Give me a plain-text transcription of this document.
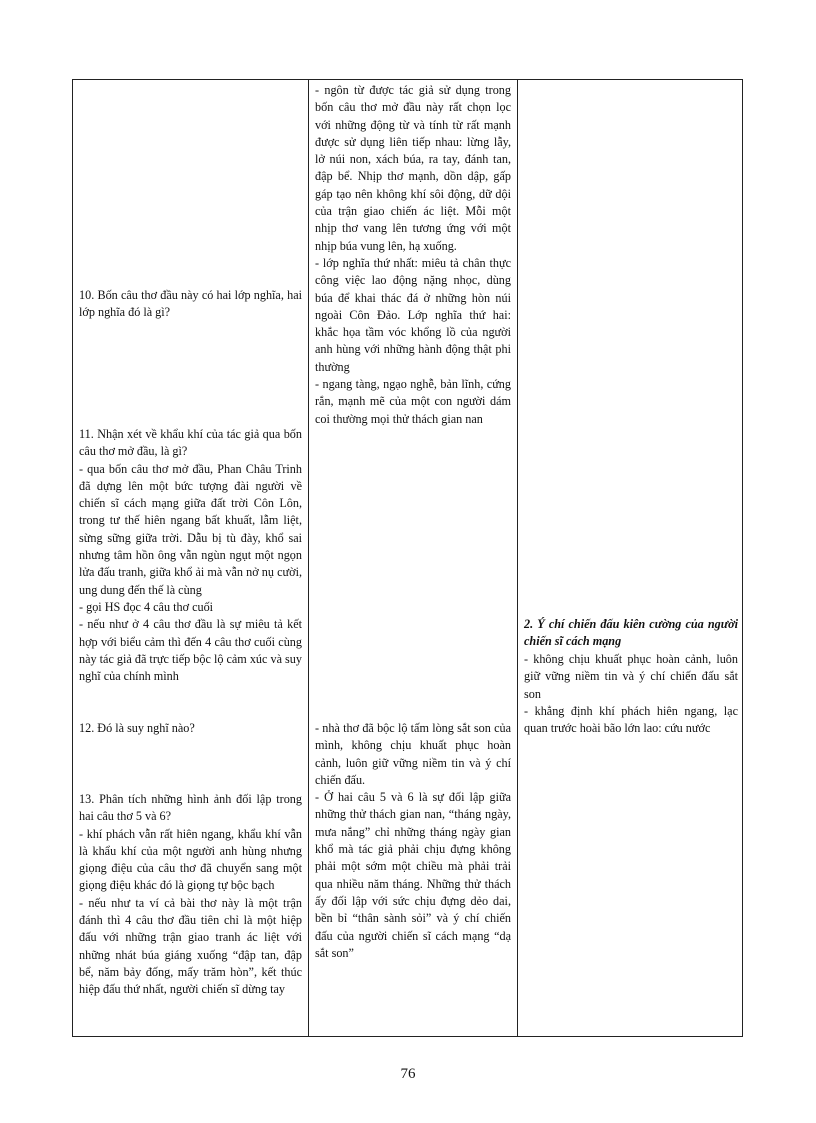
10. Bốn câu thơ đầu này có hai lớp nghĩa, hai lớp nghĩa đó là gì?
11. Nhận xét về khẩu khí của tác giả qua bốn câu thơ mở đầu, là gì?
- qua bốn câu thơ mở đầu, Phan Châu Trinh đã dựng lên một bức tượng đài người về chiến sĩ cách mạng giữa đất trời Côn Lôn, trong tư thế hiên ngang bất khuất, lẫm liệt, sừng sững giữa trời. Dẫu bị tù đày, khổ sai nhưng tâm hồn ông vẫn ngùn ngụt một ngọn lửa đấu tranh, giữa khổ ải mà vẫn nở nụ cười, ung dung đến thế là cùng
- gọi HS đọc 4 câu thơ cuối
- nếu như ở 4 câu thơ đầu là sự miêu tả kết hợp với biểu cảm thì đến 4 câu thơ cuối cùng này tác giả đã trực tiếp bộc lộ cảm xúc và suy nghĩ của chính mình
12. Đó là suy nghĩ nào?
13. Phân tích những hình ảnh đối lập trong hai câu thơ 5 và 6?
- khí phách vẫn rất hiên ngang, khẩu khí vẫn là khẩu khí của một người anh hùng nhưng giọng điệu của câu thơ đã chuyển sang một giọng điệu khác đó là giọng tự bộc bạch
- nếu như ta ví cả bài thơ này là một trận đánh thì 4 câu thơ đầu tiên chỉ là một hiệp đấu với những trận giao tranh ác liệt với những nhát búa giáng xuống “đập tan, đập bể, năm bảy đống, mấy trăm hòn”, kết thúc hiệp đấu thứ nhất, người chiến sĩ dừng tay
- ngôn từ được tác giả sử dụng trong bốn câu thơ mở đầu này rất chọn lọc với những động từ và tính từ rất mạnh được sử dụng liên tiếp nhau: lừng lẫy, lở núi non, xách búa, ra tay, đánh tan, đập bể. Nhịp thơ mạnh, dồn dập, gấp gáp tạo nên không khí sôi động, dữ dội của trận giao chiến ác liệt. Mỗi một nhịp thơ vang lên tương ứng với một nhịp búa vung lên, hạ xuống.
- lớp nghĩa thứ nhất: miêu tả chân thực công việc lao động nặng nhọc, dùng búa để khai thác đá ở những hòn núi ngoài Côn Đảo. Lớp nghĩa thứ hai: khắc họa tầm vóc khổng lồ của người anh hùng với những hành động thật phi thường
- ngang tàng, ngạo nghễ, bản lĩnh, cứng rắn, mạnh mẽ của một con người dám coi thường mọi thử thách gian nan
- nhà thơ đã bộc lộ tấm lòng sắt son của mình, không chịu khuất phục hoàn cảnh, luôn giữ vững niềm tin và ý chí chiến đấu.
- Ở hai câu 5 và 6 là sự đối lập giữa những thử thách gian nan, “tháng ngày, mưa nắng” chỉ những tháng ngày gian khổ mà tác giả phải chịu đựng không phải một sớm một chiều mà phải trải qua nhiều năm tháng. Những thử thách ấy đối lập với sức chịu đựng dẻo dai, bền bỉ “thân sành sỏi” và ý chí chiến đấu của người chiến sĩ cách mạng “dạ sắt son”
2. Ý chí chiến đấu kiên cường của người chiến sĩ cách mạng
- không chịu khuất phục hoàn cảnh, luôn giữ vững niềm tin và ý chí chiến đấu sắt son
- khẳng định khí phách hiên ngang, lạc quan trước hoài bão lớn lao: cứu nước
76
